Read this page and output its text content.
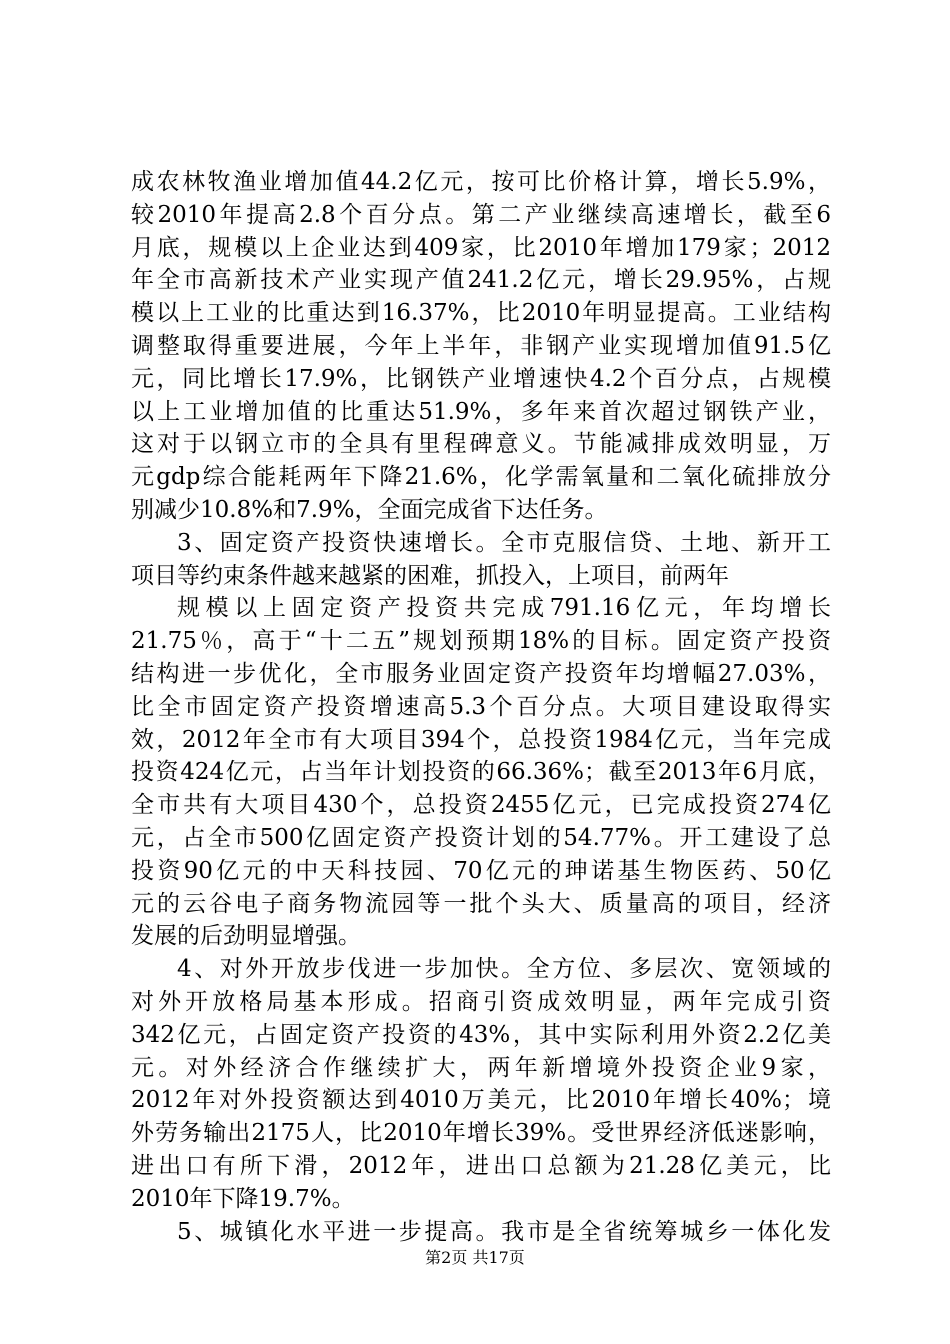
成农林牧渔业增加值44.2亿元，按可比价格计算，增长5.9%，
较2010年提高2.8个百分点。第二产业继续高速增长，截至6
月底，规模以上企业达到409家，比2010年增加179家；2012
年全市高新技术产业实现产值241.2亿元，增长29.95%，占规
模以上工业的比重达到16.37%，比2010年明显提高。工业结构
调整取得重要进展，今年上半年，非钢产业实现增加值91.5亿
元，同比增长17.9%，比钢铁产业增速快4.2个百分点，占规模
以上工业增加值的比重达51.9%，多年来首次超过钢铁产业，
这对于以钢立市的全具有里程碑意义。节能减排成效明显，万
元gdp综合能耗两年下降21.6%，化学需氧量和二氧化硫排放分
别减少10.8%和7.9%，全面完成省下达任务。
3、固定资产投资快速增长。全市克服信贷、土地、新开工
项目等约束条件越来越紧的困难，抓投入，上项目，前两年
规模以上固定资产投资共完成791.16亿元，年均增长
21.75％，高于“十二五”规划预期18%的目标。固定资产投资
结构进一步优化，全市服务业固定资产投资年均增幅27.03%，
比全市固定资产投资增速高5.3个百分点。大项目建设取得实
效，2012年全市有大项目394个，总投资1984亿元，当年完成
投资424亿元，占当年计划投资的66.36%；截至2013年6月底，
全市共有大项目430个，总投资2455亿元，已完成投资274亿
元，占全市500亿固定资产投资计划的54.77%。开工建设了总
投资90亿元的中天科技园、70亿元的珅诺基生物医药、50亿
元的云谷电子商务物流园等一批个头大、质量高的项目，经济
发展的后劲明显增强。
4、对外开放步伐进一步加快。全方位、多层次、宽领域的
对外开放格局基本形成。招商引资成效明显，两年完成引资
342亿元，占固定资产投资的43%，其中实际利用外资2.2亿美
元。对外经济合作继续扩大，两年新增境外投资企业9家，
2012年对外投资额达到4010万美元，比2010年增长40%；境
外劳务输出2175人，比2010年增长39%。受世界经济低迷影响，
进出口有所下滑，2012年，进出口总额为21.28亿美元，比
2010年下降19.7%。
5、城镇化水平进一步提高。我市是全省统筹城乡一体化发
第2页 共17页
